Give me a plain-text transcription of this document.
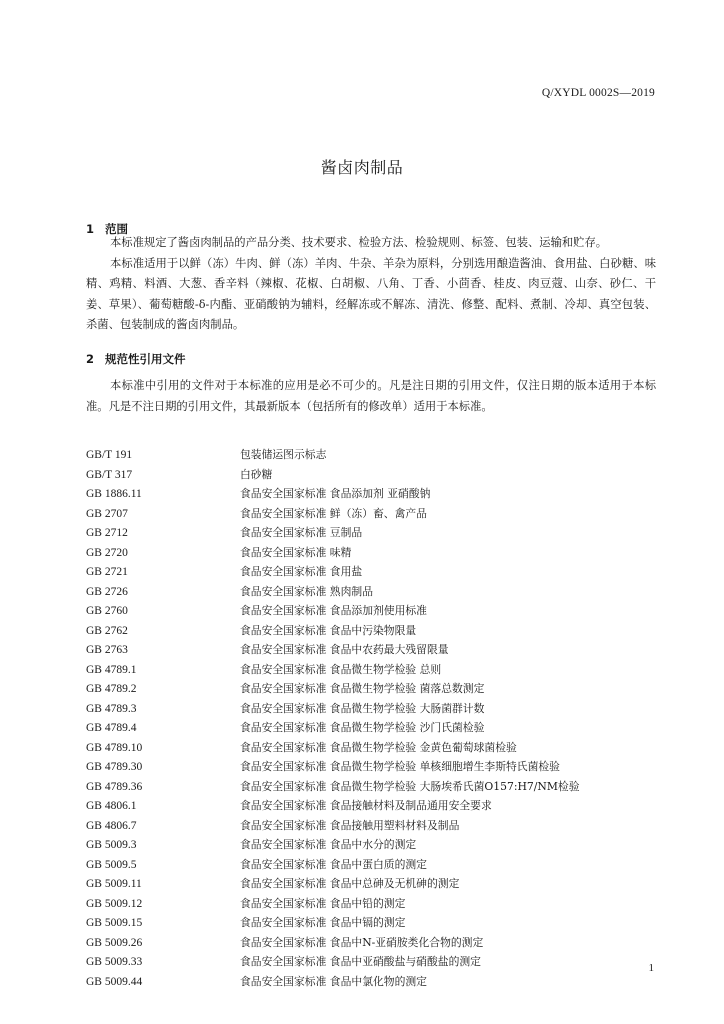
Q/XYDL 0002S—2019
酱卤肉制品
1 范围

本标准规定了酱卤肉制品的产品分类、技术要求、检验方法、检验规则、标签、包装、运输和贮存。

本标准适用于以鲜（冻）牛肉、鲜（冻）羊肉、牛杂、羊杂为原料，分别选用酿造酱油、食用盐、白砂糖、味精、鸡精、料酒、大葱、香辛料（辣椒、花椒、白胡椒、八角、丁香、小茴香、桂皮、肉豆蔻、山奈、砂仁、干姜、草果）、葡萄糖酸-δ-内酯、亚硝酸钠为辅料，经解冻或不解冻、清洗、修整、配料、煮制、冷却、真空包装、杀菌、包装制成的酱卤肉制品。

2 规范性引用文件

本标准中引用的文件对于本标准的应用是必不可少的。凡是注日期的引用文件，仅注日期的版本适用于本标准。凡是不注日期的引用文件，其最新版本（包括所有的修改单）适用于本标准。

GB/T 191	包装储运图示标志
GB/T 317	白砂糖
GB 1886.11	食品安全国家标准 食品添加剂 亚硝酸钠
GB 2707	食品安全国家标准 鲜（冻）畜、禽产品
GB 2712	食品安全国家标准 豆制品
GB 2720	食品安全国家标准 味精
GB 2721	食品安全国家标准 食用盐
GB 2726	食品安全国家标准 熟肉制品
GB 2760	食品安全国家标准 食品添加剂使用标准
GB 2762	食品安全国家标准 食品中污染物限量
GB 2763	食品安全国家标准 食品中农药最大残留限量
GB 4789.1	食品安全国家标准 食品微生物学检验 总则
GB 4789.2	食品安全国家标准 食品微生物学检验 菌落总数测定
GB 4789.3	食品安全国家标准 食品微生物学检验 大肠菌群计数
GB 4789.4	食品安全国家标准 食品微生物学检验 沙门氏菌检验
GB 4789.10	食品安全国家标准 食品微生物学检验 金黄色葡萄球菌检验
GB 4789.30	食品安全国家标准 食品微生物学检验 单核细胞增生李斯特氏菌检验
GB 4789.36	食品安全国家标准 食品微生物学检验 大肠埃希氏菌O157:H7/NM检验
GB 4806.1	食品安全国家标准 食品接触材料及制品通用安全要求
GB 4806.7	食品安全国家标准 食品接触用塑料材料及制品
GB 5009.3	食品安全国家标准 食品中水分的测定
GB 5009.5	食品安全国家标准 食品中蛋白质的测定
GB 5009.11	食品安全国家标准 食品中总砷及无机砷的测定
GB 5009.12	食品安全国家标准 食品中铅的测定
GB 5009.15	食品安全国家标准 食品中镉的测定
GB 5009.26	食品安全国家标准 食品中N-亚硝胺类化合物的测定
GB 5009.33	食品安全国家标准 食品中亚硝酸盐与硝酸盐的测定
GB 5009.44	食品安全国家标准 食品中氯化物的测定
1
